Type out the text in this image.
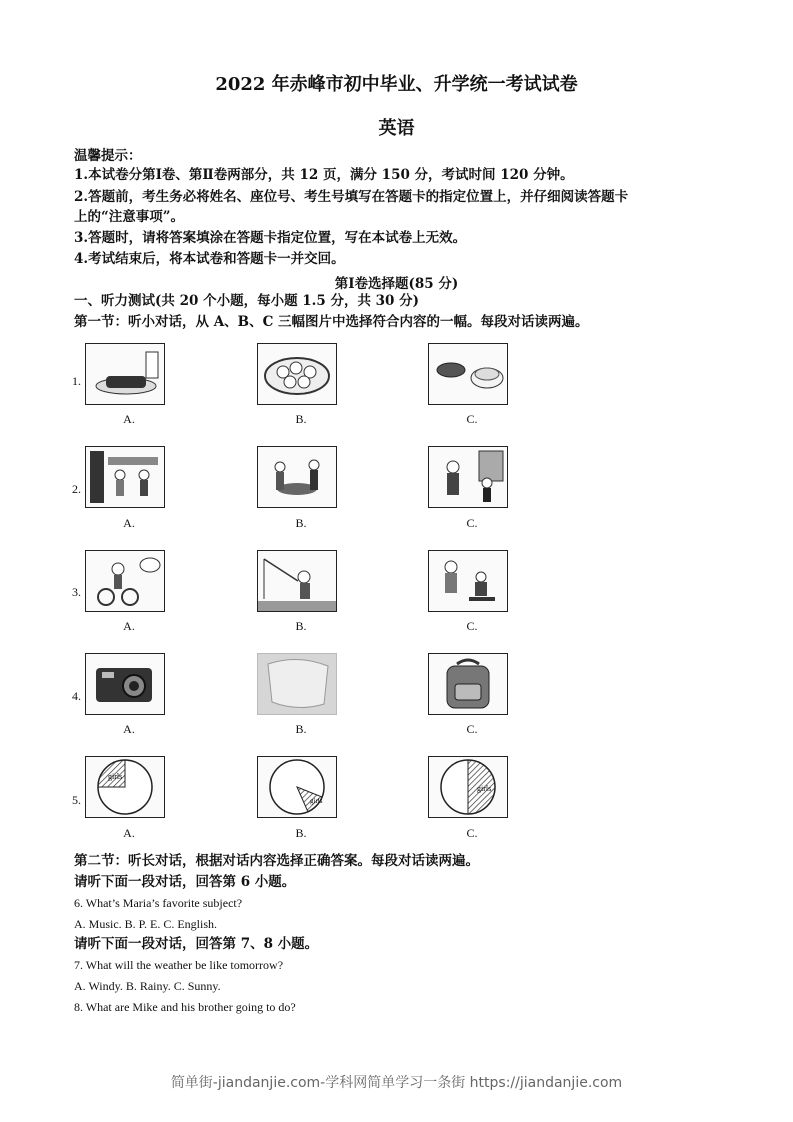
2022 年赤峰市初中毕业、升学统一考试试卷
英语
温馨提示：
1.本试卷分第Ⅰ卷、第Ⅱ卷两部分，共 12 页，满分 150 分，考试时间 120 分钟。
2.答题前，考生务必将姓名、座位号、考生号填写在答题卡的指定位置上，并仔细阅读答题卡
上的“注意事项”。
3.答题时，请将答案填涂在答题卡指定位置，写在本试卷上无效。
4.考试结束后，将本试卷和答题卡一并交回。
第Ⅰ卷选择题(85 分)
一、听力测试(共 20 个小题，每小题 1.5 分，共 30 分)
第一节：听小对话，从 A、B、C 三幅图片中选择符合内容的一幅。每段对话读两遍。
1.
A.	B.	C.
2.
A.	B.	C.
3.
A.	B.	C.
4.
A.	B.	C.
5.
girls
A.
girls
B.
girls
C.
第二节：听长对话，根据对话内容选择正确答案。每段对话读两遍。
请听下面一段对话，回答第 6 小题。
6. What’s Maria’s favorite subject?
A. Music. B. P. E. C. English.
请听下面一段对话，回答第 7、8 小题。
7. What will the weather be like tomorrow?
A. Windy. B. Rainy. C. Sunny.
8. What are Mike and his brother going to do?
简单街-jiandanjie.com-学科网简单学习一条街 https://jiandanjie.com
